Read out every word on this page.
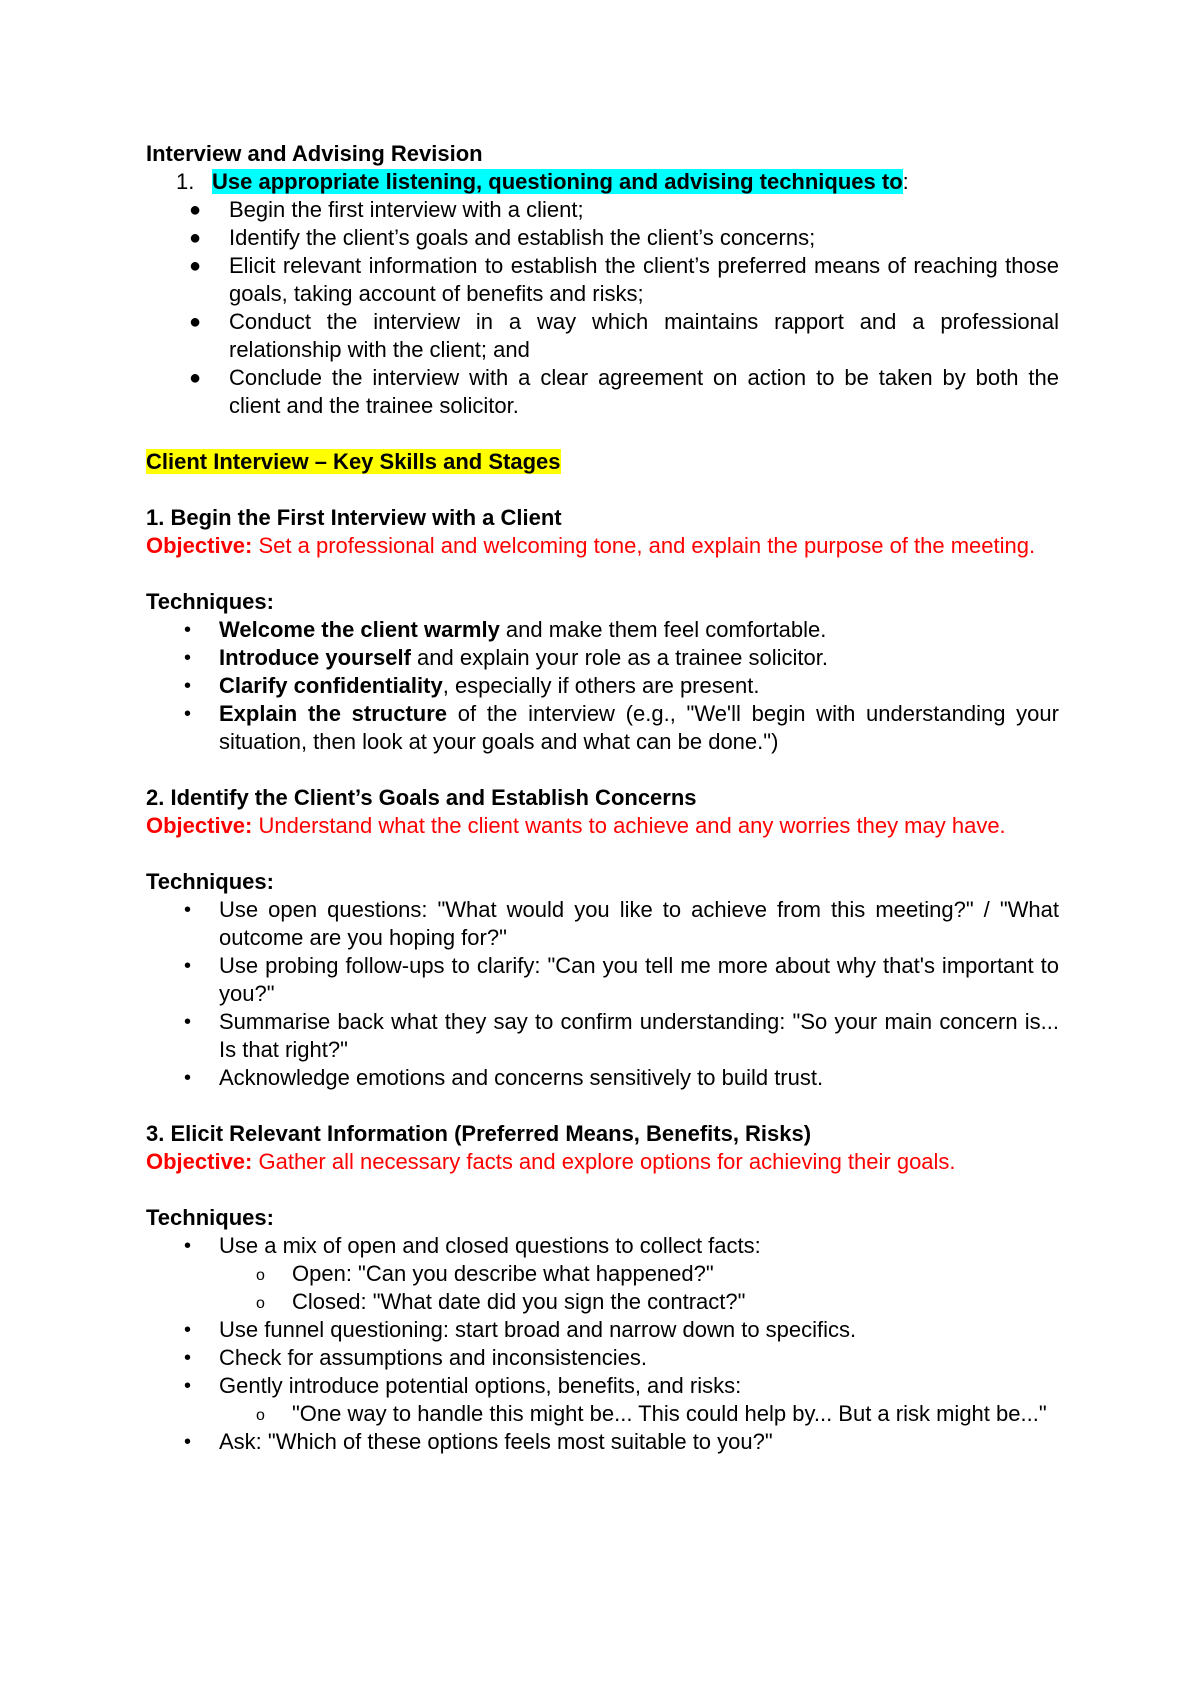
Interview and Advising Revision

1. Use appropriate listening, questioning and advising techniques to:

● Begin the first interview with a client;
● Identify the client’s goals and establish the client’s concerns;
● Elicit relevant information to establish the client’s preferred means of reaching those goals, taking account of benefits and risks;
● Conduct the interview in a way which maintains rapport and a professional relationship with the client; and
● Conclude the interview with a clear agreement on action to be taken by both the client and the trainee solicitor.

Client Interview – Key Skills and Stages

1. Begin the First Interview with a Client

Objective: Set a professional and welcoming tone, and explain the purpose of the meeting.

Techniques:

• Welcome the client warmly and make them feel comfortable.
• Introduce yourself and explain your role as a trainee solicitor.
• Clarify confidentiality, especially if others are present.
• Explain the structure of the interview (e.g., "We'll begin with understanding your situation, then look at your goals and what can be done.")

2. Identify the Client’s Goals and Establish Concerns

Objective: Understand what the client wants to achieve and any worries they may have.

Techniques:

• Use open questions: "What would you like to achieve from this meeting?" / "What outcome are you hoping for?"
• Use probing follow-ups to clarify: "Can you tell me more about why that's important to you?"
• Summarise back what they say to confirm understanding: "So your main concern is... Is that right?"
• Acknowledge emotions and concerns sensitively to build trust.

3. Elicit Relevant Information (Preferred Means, Benefits, Risks)

Objective: Gather all necessary facts and explore options for achieving their goals.

Techniques:

• Use a mix of open and closed questions to collect facts:
o Open: "Can you describe what happened?"
o Closed: "What date did you sign the contract?"
• Use funnel questioning: start broad and narrow down to specifics.
• Check for assumptions and inconsistencies.
• Gently introduce potential options, benefits, and risks:
o "One way to handle this might be... This could help by... But a risk might be..."
• Ask: "Which of these options feels most suitable to you?"
